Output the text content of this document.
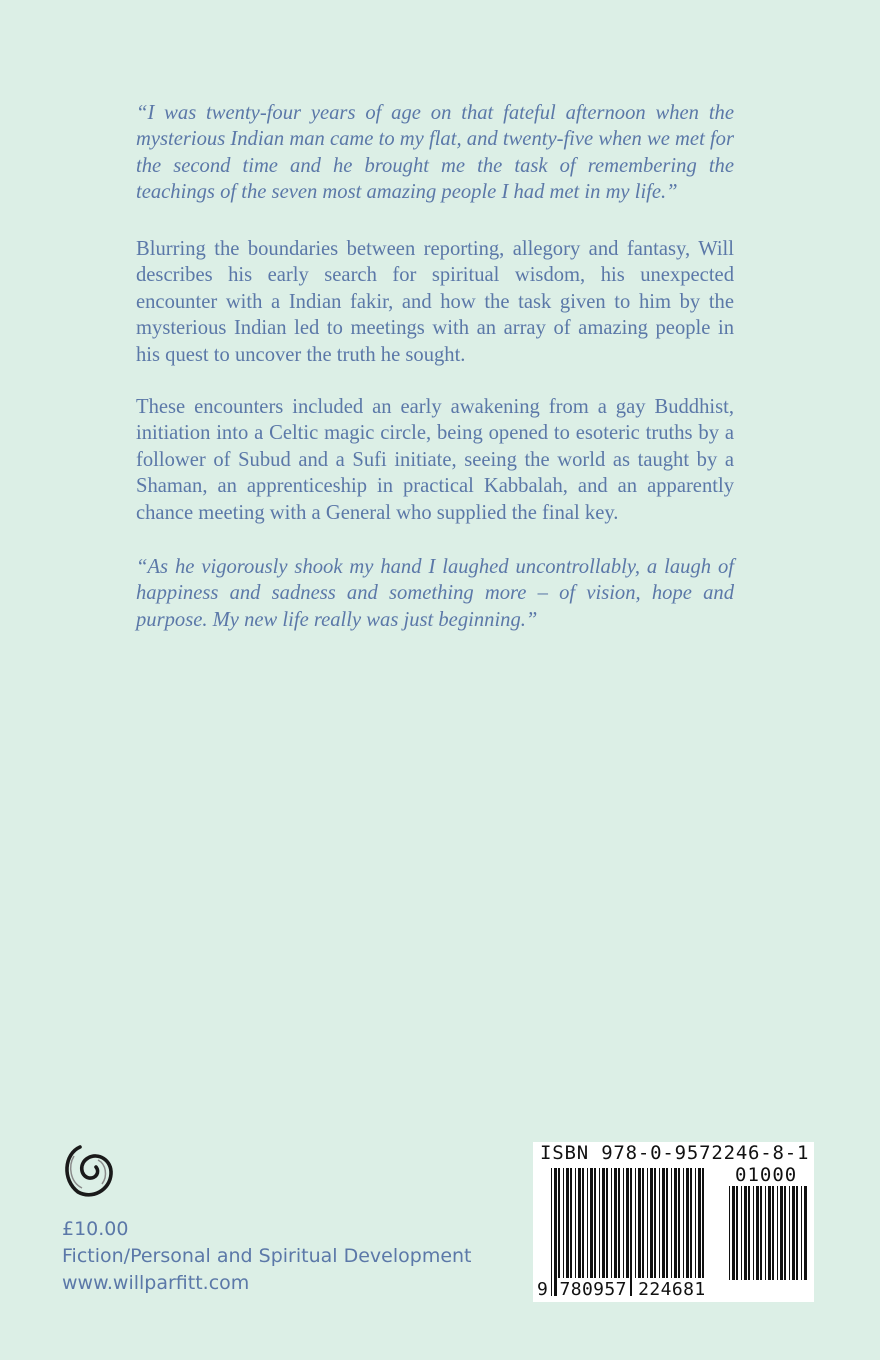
“I was twenty-four years of age on that fateful afternoon when the mysterious Indian man came to my flat, and twenty-five when we met for the second time and he brought me the task of remembering the teachings of the seven most amazing people I had met in my life.”

Blurring the boundaries between reporting, allegory and fantasy, Will describes his early search for spiritual wisdom, his unexpected encounter with a Indian fakir, and how the task given to him by the mysterious Indian led to meetings with an array of amazing people in his quest to uncover the truth he sought.

These encounters included an early awakening from a gay Buddhist, initiation into a Celtic magic circle, being opened to esoteric truths by a follower of Subud and a Sufi initiate, seeing the world as taught by a Shaman, an apprenticeship in practical Kabbalah, and an apparently chance meeting with a General who supplied the final key.

“As he vigorously shook my hand I laughed uncontrollably, a laugh of happiness and sadness and something more – of vision, hope and purpose. My new life really was just beginning.”

£10.00
Fiction/Personal and Spiritual Development
www.willparfitt.com
ISBN 978-0-9572246-8-1
01000
9 780957 224681
